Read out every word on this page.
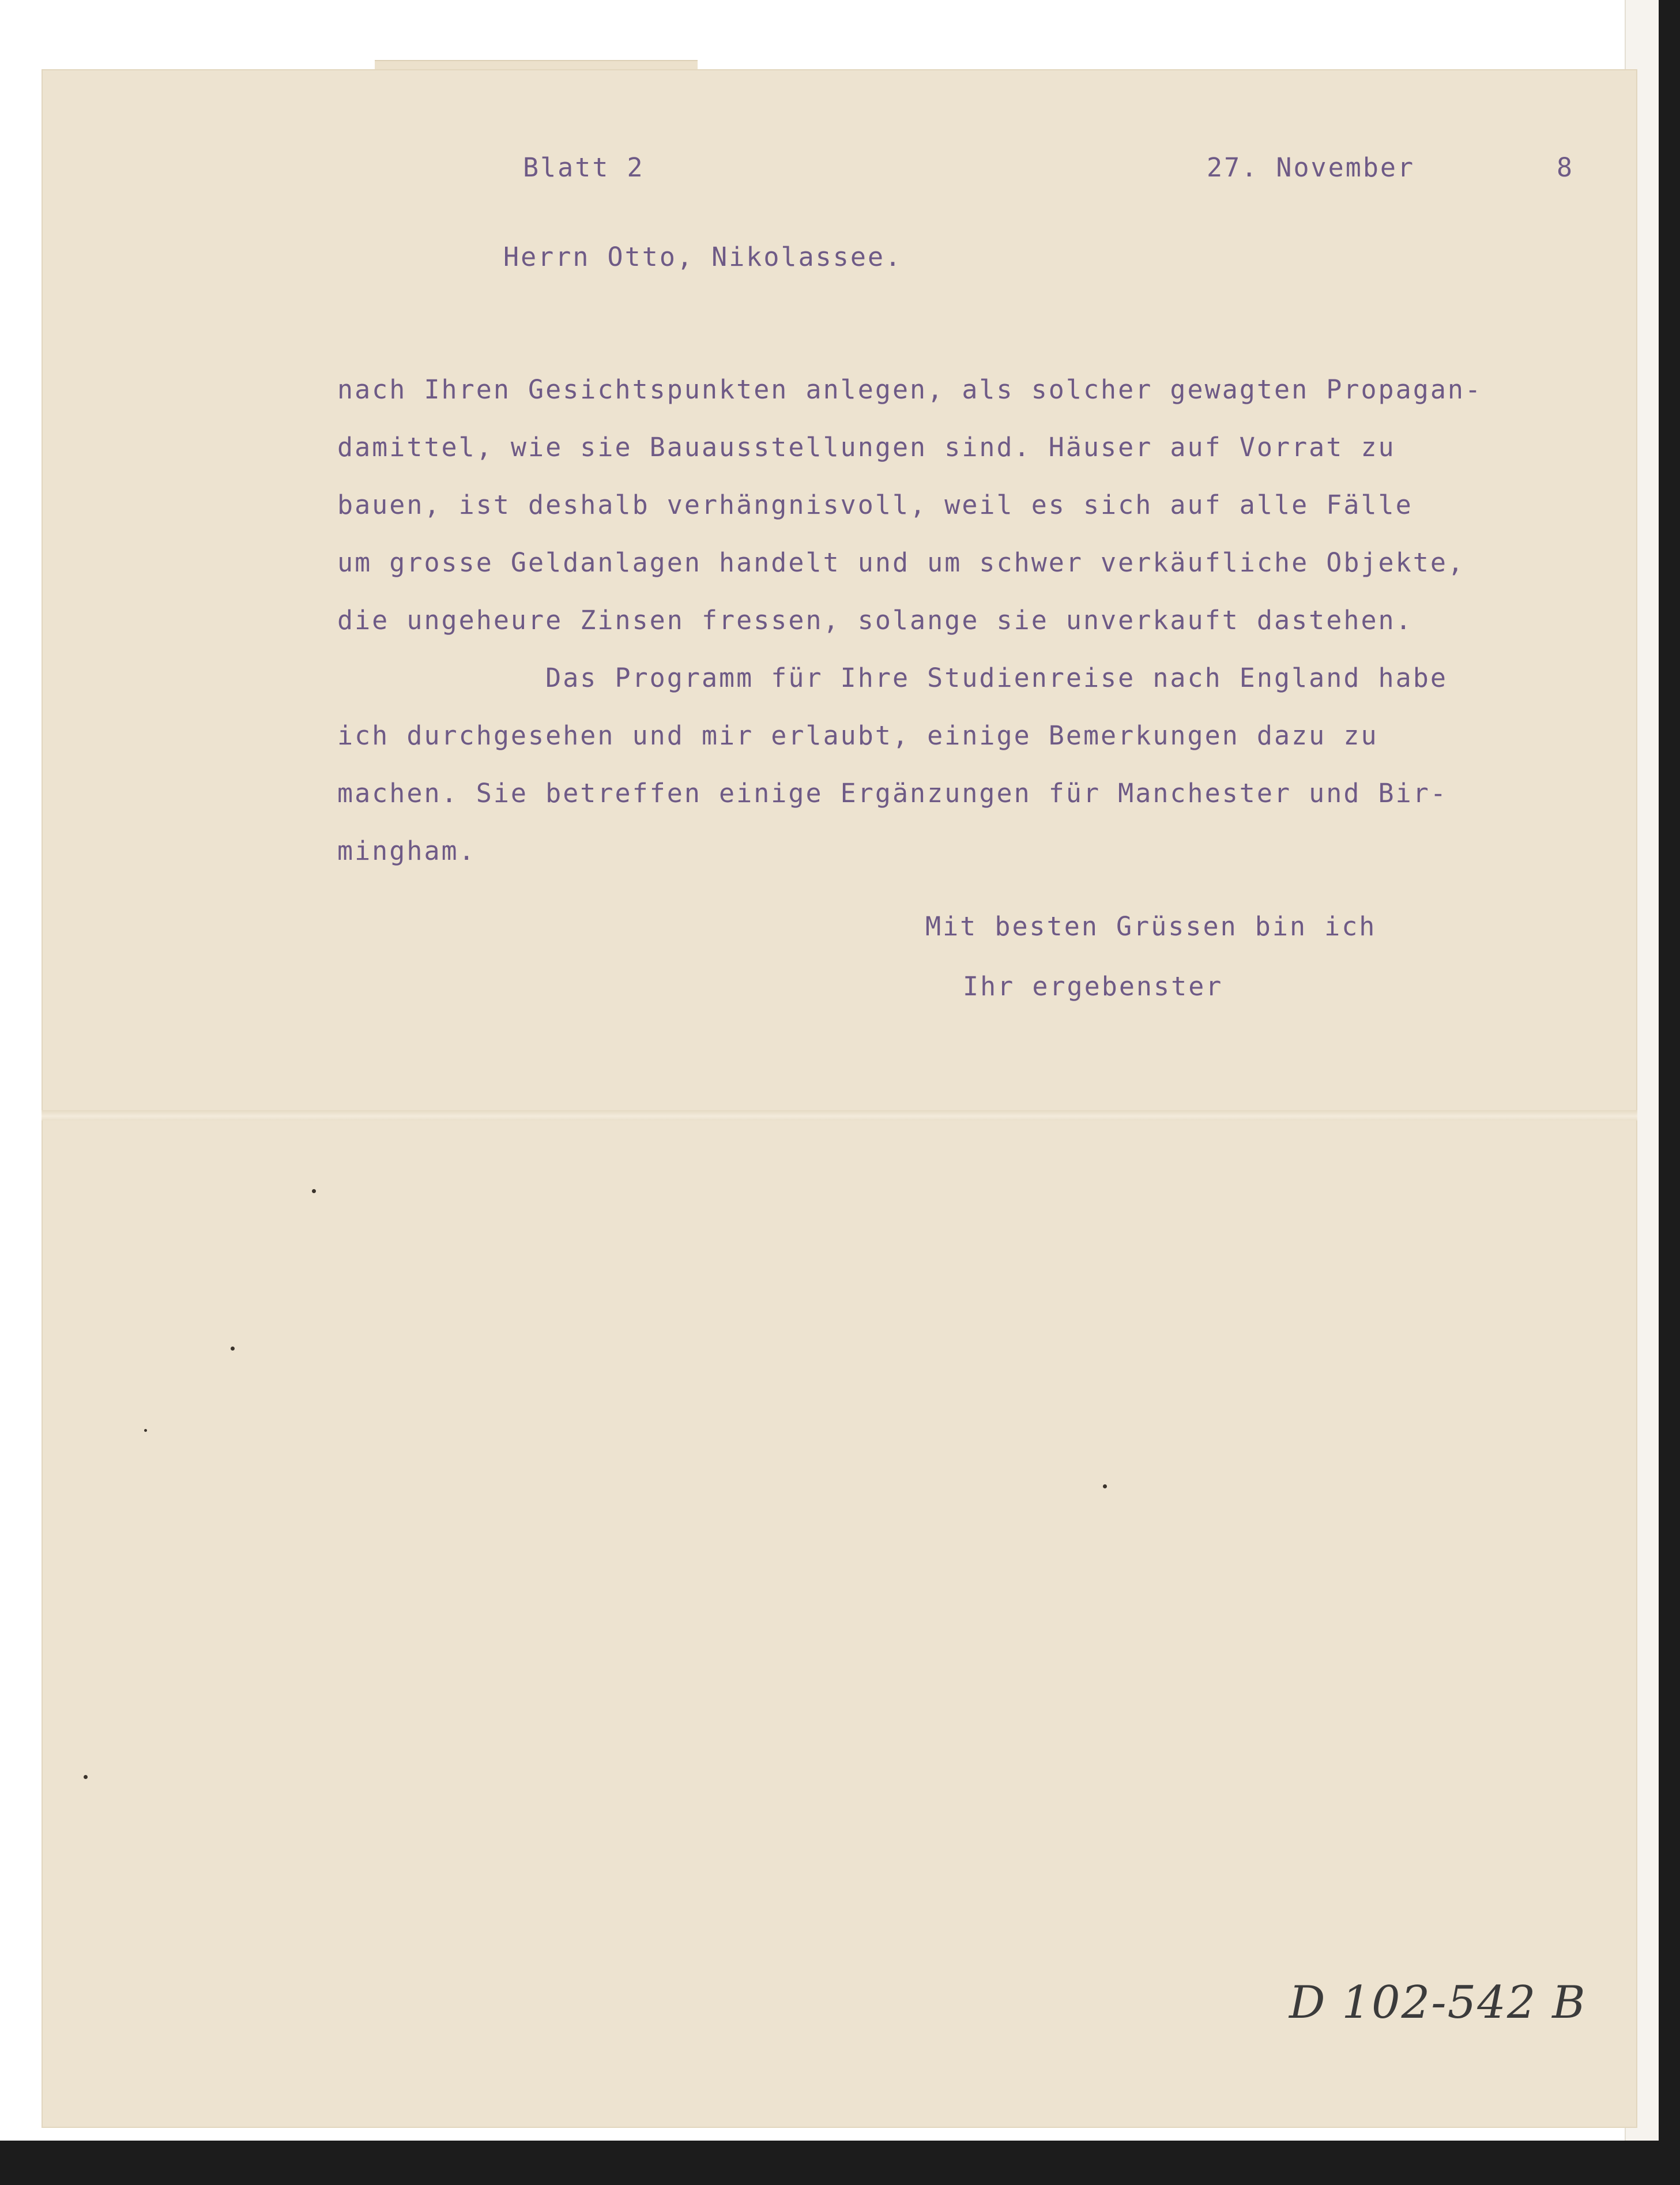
Blatt 2	27. November	8
Herrn Otto, Nikolassee.
nach Ihren Gesichtspunkten anlegen, als solcher gewagten Propagan-
damittel, wie sie Bauausstellungen sind. Häuser auf Vorrat zu
bauen, ist deshalb verhängnisvoll, weil es sich auf alle Fälle
um grosse Geldanlagen handelt und um schwer verkäufliche Objekte,
die ungeheure Zinsen fressen, solange sie unverkauft dastehen.
Das Programm für Ihre Studienreise nach England habe
ich durchgesehen und mir erlaubt, einige Bemerkungen dazu zu
machen. Sie betreffen einige Ergänzungen für Manchester und Bir-
mingham.
Mit besten Grüssen bin ich
Ihr ergebenster
D 102-542 B
